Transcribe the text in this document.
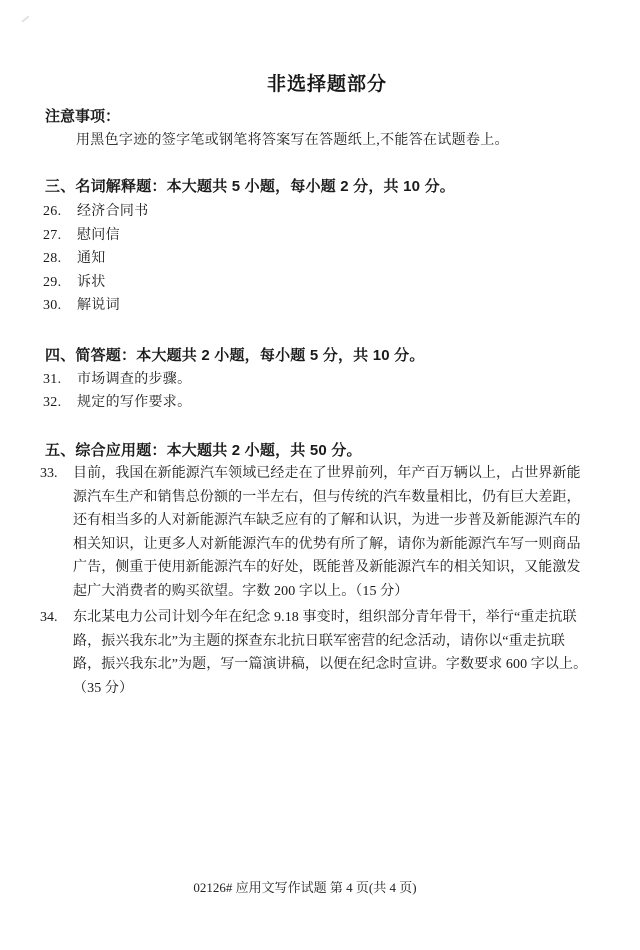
非选择题部分
注意事项：
用黑色字迹的签字笔或钢笔将答案写在答题纸上,不能答在试题卷上。
三、名词解释题：本大题共 5 小题，每小题 2 分，共 10 分。
26. 经济合同书
27. 慰问信
28. 通知
29. 诉状
30. 解说词
四、简答题：本大题共 2 小题，每小题 5 分，共 10 分。
31. 市场调查的步骤。
32. 规定的写作要求。
五、综合应用题：本大题共 2 小题，共 50 分。
33. 目前，我国在新能源汽车领域已经走在了世界前列，年产百万辆以上，占世界新能
源汽车生产和销售总份额的一半左右，但与传统的汽车数量相比，仍有巨大差距，
还有相当多的人对新能源汽车缺乏应有的了解和认识，为进一步普及新能源汽车的
相关知识，让更多人对新能源汽车的优势有所了解，请你为新能源汽车写一则商品
广告，侧重于使用新能源汽车的好处，既能普及新能源汽车的相关知识，又能激发
起广大消费者的购买欲望。字数 200 字以上。（15 分）
34. 东北某电力公司计划今年在纪念 9.18 事变时，组织部分青年骨干，举行“重走抗联
路，振兴我东北”为主题的探查东北抗日联军密营的纪念活动，请你以“重走抗联
路，振兴我东北”为题，写一篇演讲稿，以便在纪念时宣讲。字数要求 600 字以上。
（35 分）
02126# 应用文写作试题 第 4 页(共 4 页)
